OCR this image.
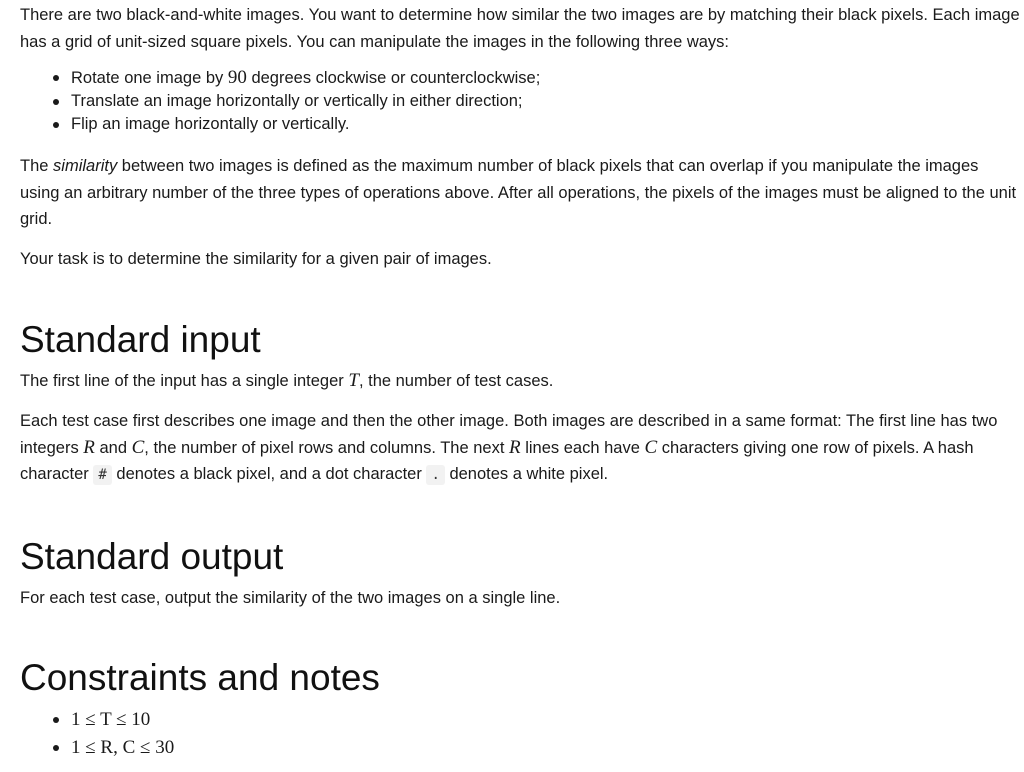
There are two black-and-white images. You want to determine how similar the two images are by matching their black pixels. Each image has a grid of unit-sized square pixels. You can manipulate the images in the following three ways:

Rotate one image by 90 degrees clockwise or counterclockwise;
Translate an image horizontally or vertically in either direction;
Flip an image horizontally or vertically.

The similarity between two images is defined as the maximum number of black pixels that can overlap if you manipulate the images using an arbitrary number of the three types of operations above. After all operations, the pixels of the images must be aligned to the unit grid.

Your task is to determine the similarity for a given pair of images.

Standard input

The first line of the input has a single integer T, the number of test cases.

Each test case first describes one image and then the other image. Both images are described in a same format: The first line has two integers R and C, the number of pixel rows and columns. The next R lines each have C characters giving one row of pixels. A hash character # denotes a black pixel, and a dot character . denotes a white pixel.

Standard output

For each test case, output the similarity of the two images on a single line.

Constraints and notes
1 ≤ T ≤ 10
1 ≤ R, C ≤ 30
